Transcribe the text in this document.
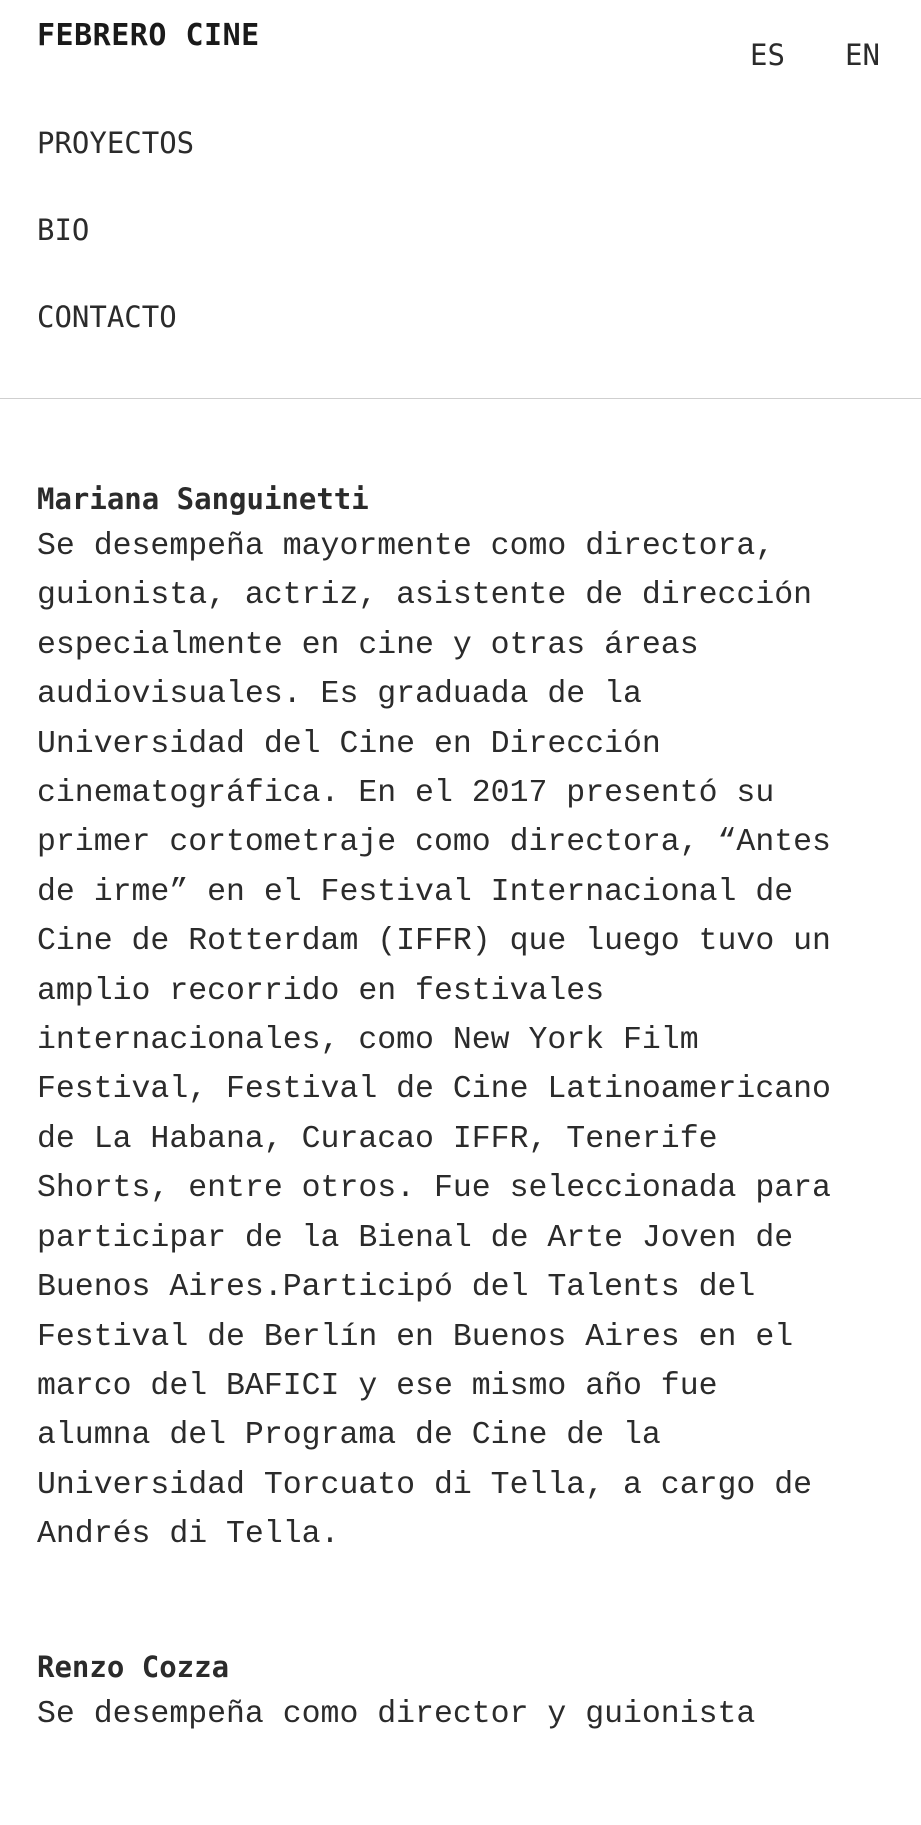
FEBRERO CINE
ES EN
PROYECTOS
BIO
CONTACTO
Mariana Sanguinetti

Se desempeña mayormente como directora,
guionista, actriz, asistente de dirección
especialmente en cine y otras áreas
audiovisuales. Es graduada de la
Universidad del Cine en Dirección
cinematográfica. En el 2017 presentó su
primer cortometraje como directora, “Antes
de irme” en el Festival Internacional de
Cine de Rotterdam (IFFR) que luego tuvo un
amplio recorrido en festivales
internacionales, como New York Film
Festival, Festival de Cine Latinoamericano
de La Habana, Curacao IFFR, Tenerife
Shorts, entre otros. Fue seleccionada para
participar de la Bienal de Arte Joven de
Buenos Aires.Participó del Talents del
Festival de Berlín en Buenos Aires en el
marco del BAFICI y ese mismo año fue
alumna del Programa de Cine de la
Universidad Torcuato di Tella, a cargo de
Andrés di Tella.

Renzo Cozza

Se desempeña como director y guionista
